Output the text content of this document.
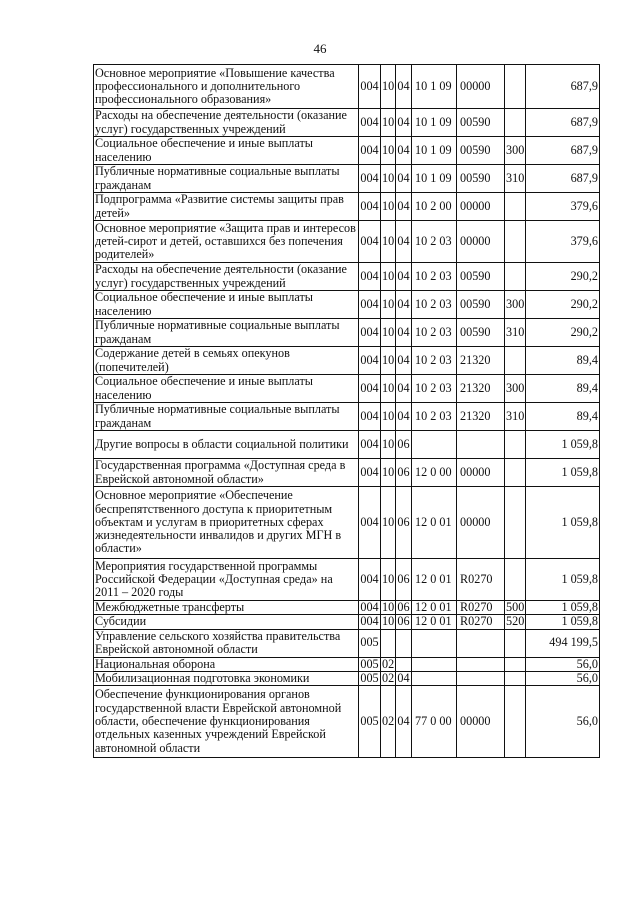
46
Основное мероприятие «Повышение качества профессионального и дополнительного профессионального образования»	004	10	04	10 1 09	00000		687,9
Расходы на обеспечение деятельности (оказание услуг) государственных учреждений	004	10	04	10 1 09	00590		687,9
Социальное обеспечение и иные выплаты населению	004	10	04	10 1 09	00590	300	687,9
Публичные нормативные социальные выплаты гражданам	004	10	04	10 1 09	00590	310	687,9
Подпрограмма «Развитие системы защиты прав детей»	004	10	04	10 2 00	00000		379,6
Основное мероприятие «Защита прав и интересов детей-сирот и детей, оставшихся без попечения родителей»	004	10	04	10 2 03	00000		379,6
Расходы на обеспечение деятельности (оказание услуг) государственных учреждений	004	10	04	10 2 03	00590		290,2
Социальное обеспечение и иные выплаты населению	004	10	04	10 2 03	00590	300	290,2
Публичные нормативные социальные выплаты гражданам	004	10	04	10 2 03	00590	310	290,2
Содержание детей в семьях опекунов (попечителей)	004	10	04	10 2 03	21320		89,4
Социальное обеспечение и иные выплаты населению	004	10	04	10 2 03	21320	300	89,4
Публичные нормативные социальные выплаты гражданам	004	10	04	10 2 03	21320	310	89,4
Другие вопросы в области социальной политики	004	10	06				1 059,8
Государственная программа «Доступная среда в Еврейской автономной области»	004	10	06	12 0 00	00000		1 059,8
Основное мероприятие «Обеспечение беспрепятственного доступа к приоритетным объектам и услугам в приоритетных сферах жизнедеятельности инвалидов и других МГН в области»	004	10	06	12 0 01	00000		1 059,8
Мероприятия государственной программы Российской Федерации «Доступная среда» на 2011 – 2020 годы	004	10	06	12 0 01	R0270		1 059,8
Межбюджетные трансферты	004	10	06	12 0 01	R0270	500	1 059,8
Субсидии	004	10	06	12 0 01	R0270	520	1 059,8
Управление сельского хозяйства правительства Еврейской автономной области	005						494 199,5
Национальная оборона	005	02					56,0
Мобилизационная подготовка экономики	005	02	04				56,0
Обеспечение функционирования органов государственной власти Еврейской автономной области, обеспечение функционирования отдельных казенных учреждений Еврейской автономной области	005	02	04	77 0 00	00000		56,0
